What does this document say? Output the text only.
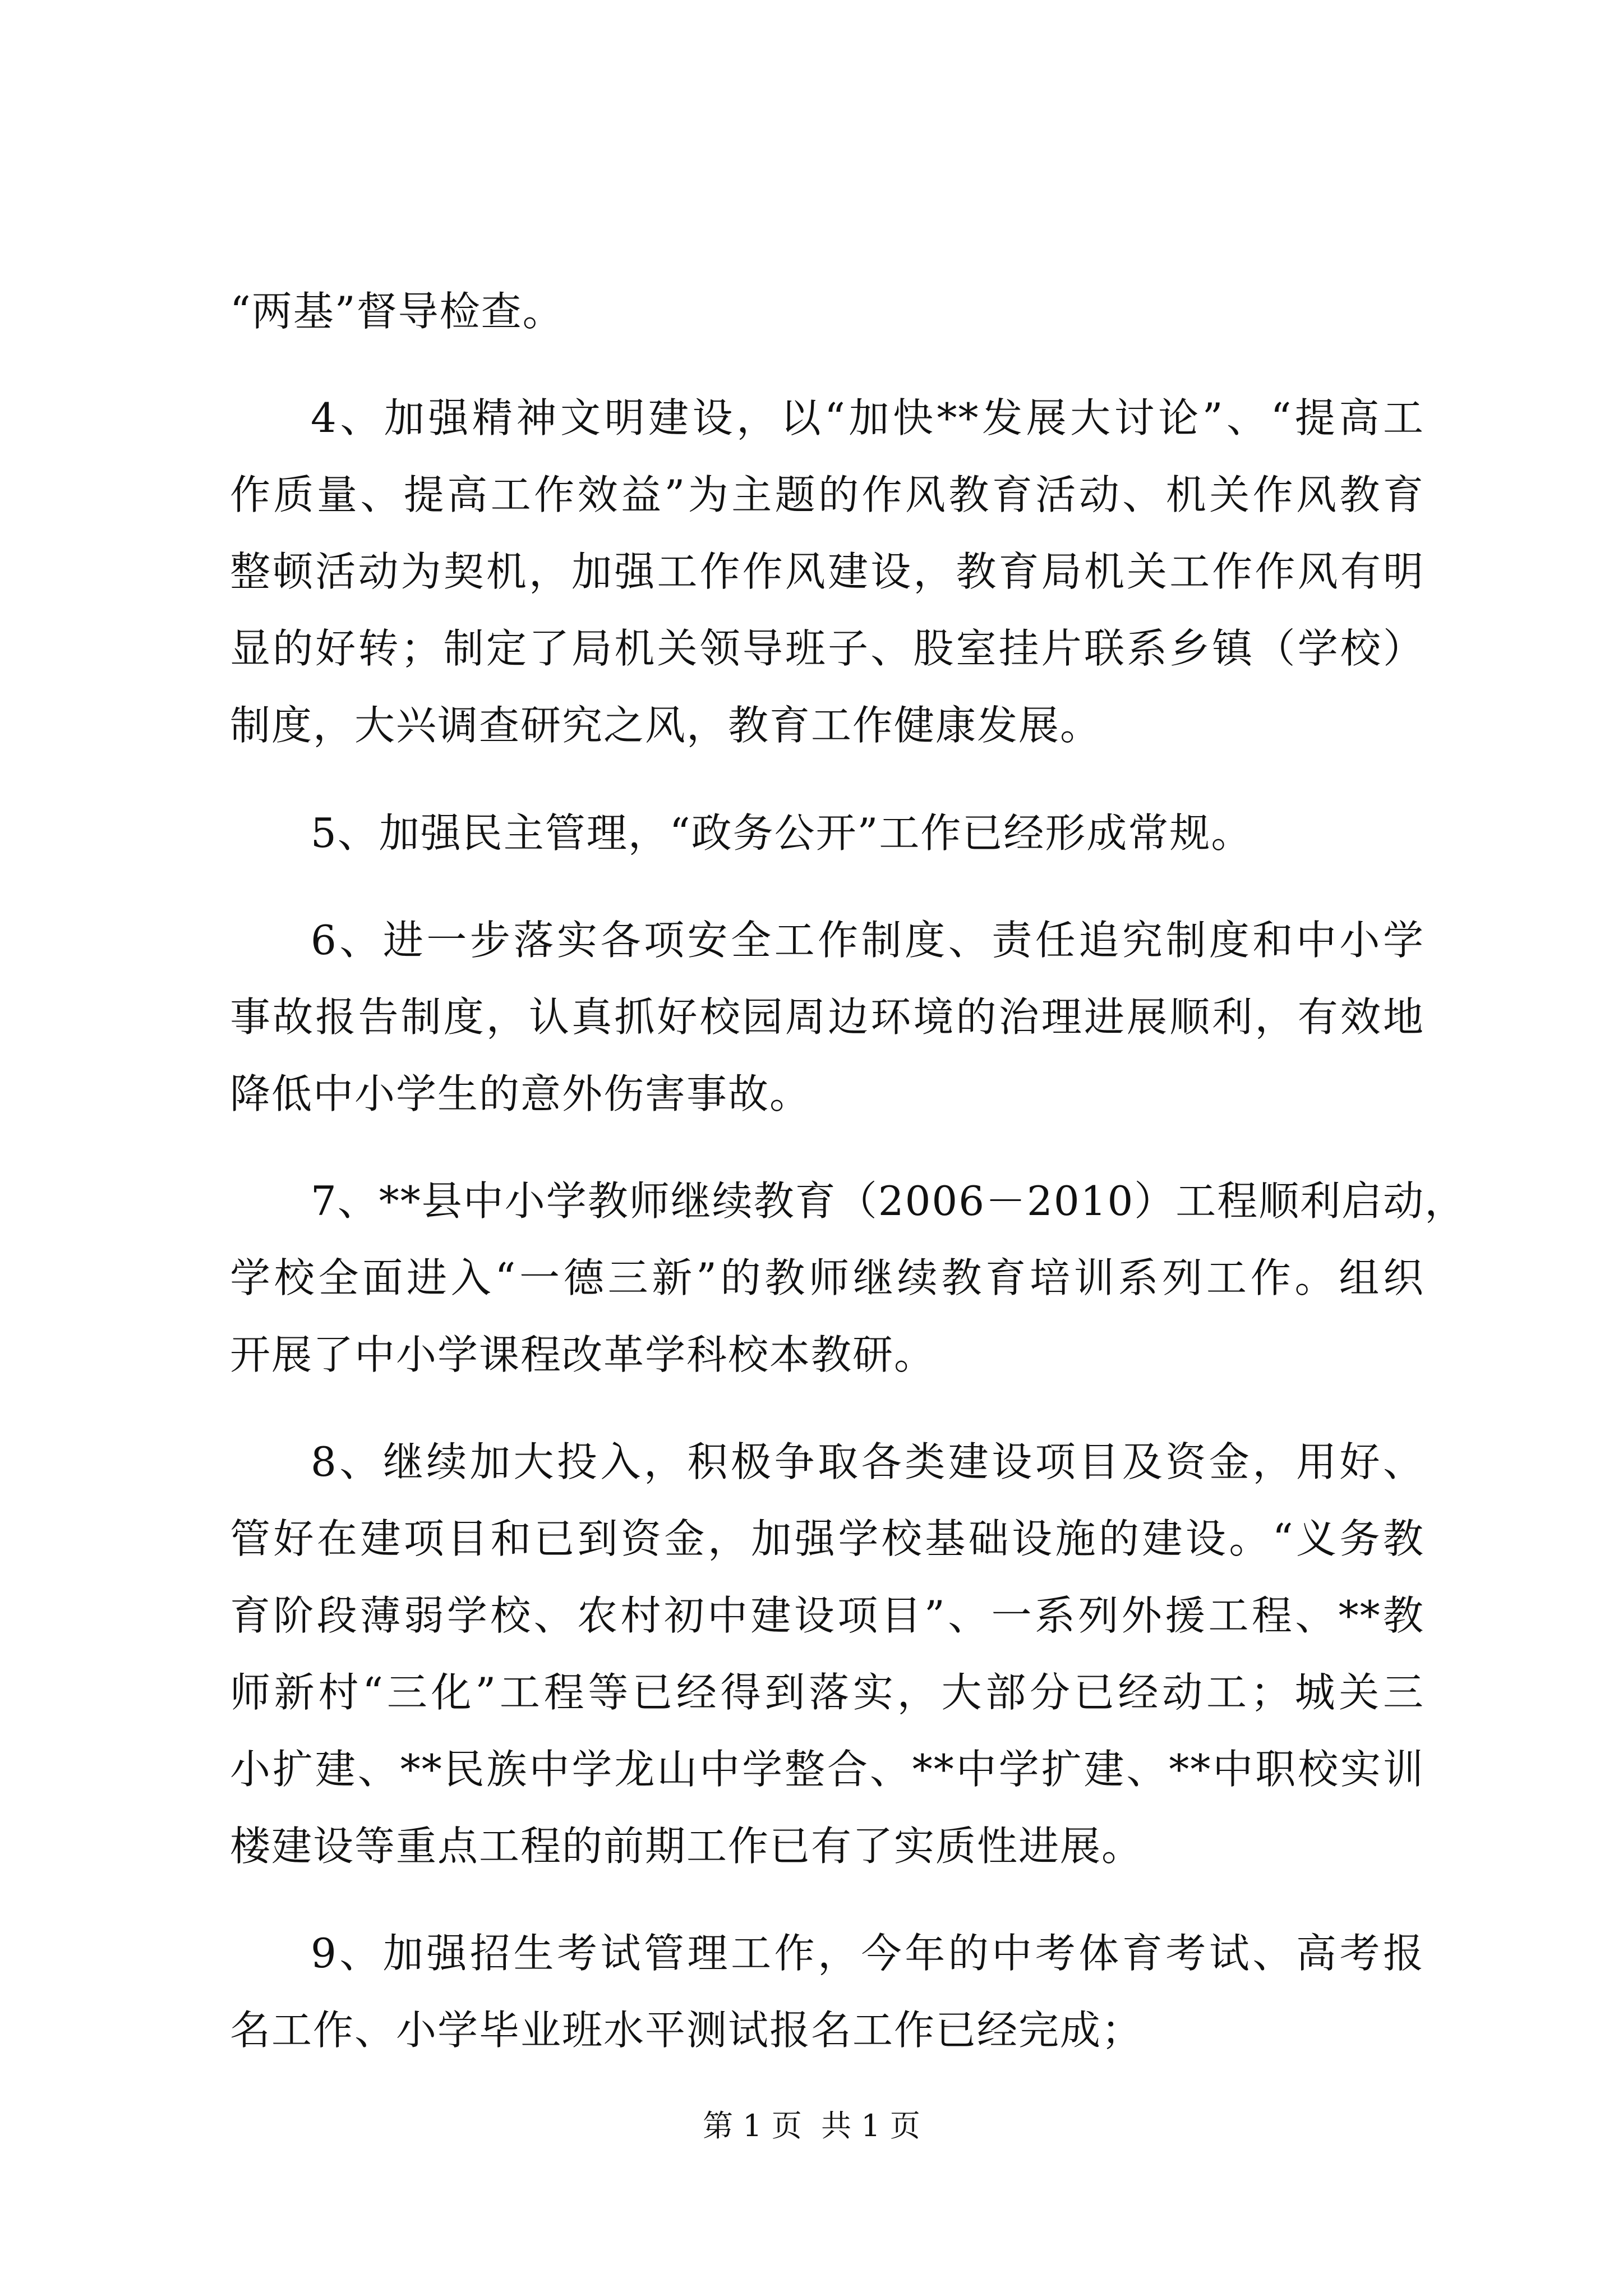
“两基”督导检查。
4、加强精神文明建设，以“加快**发展大讨论”、“提高工
作质量、提高工作效益”为主题的作风教育活动、机关作风教育
整顿活动为契机，加强工作作风建设，教育局机关工作作风有明
显的好转；制定了局机关领导班子、股室挂片联系乡镇（学校）
制度，大兴调查研究之风，教育工作健康发展。
5、加强民主管理，“政务公开”工作已经形成常规。
6、进一步落实各项安全工作制度、责任追究制度和中小学
事故报告制度，认真抓好校园周边环境的治理进展顺利，有效地
降低中小学生的意外伤害事故。
7、**县中小学教师继续教育（2006－2010）工程顺利启动，
学校全面进入“一德三新”的教师继续教育培训系列工作。组织
开展了中小学课程改革学科校本教研。
8、继续加大投入，积极争取各类建设项目及资金，用好、
管好在建项目和已到资金，加强学校基础设施的建设。“义务教
育阶段薄弱学校、农村初中建设项目”、一系列外援工程、**教
师新村“三化”工程等已经得到落实，大部分已经动工；城关三
小扩建、**民族中学龙山中学整合、**中学扩建、**中职校实训
楼建设等重点工程的前期工作已有了实质性进展。
9、加强招生考试管理工作，今年的中考体育考试、高考报
名工作、小学毕业班水平测试报名工作已经完成；
第 1 页  共 1 页
